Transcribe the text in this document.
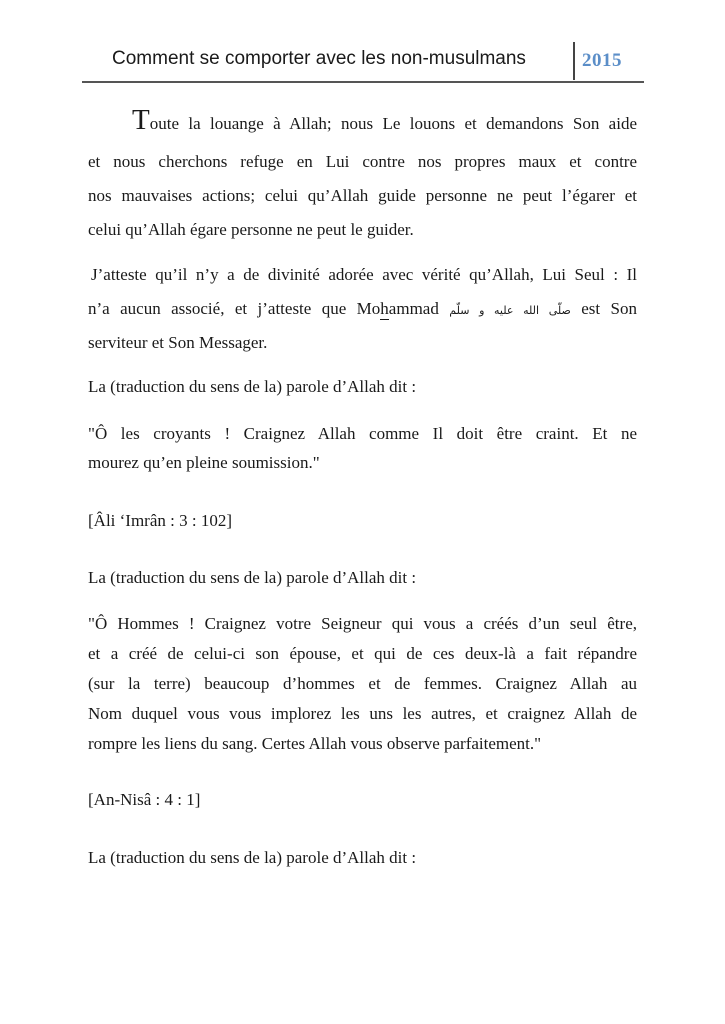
Comment se comporter avec les non-musulmans	2015
Toute la louange à Allah; nous Le louons et demandons Son aide
et nous cherchons refuge en Lui contre nos propres maux et contre
nos mauvaises actions; celui qu’Allah guide personne ne peut l’égarer et
celui qu’Allah égare personne ne peut le guider.
J’atteste qu’il n’y a de divinité adorée avec vérité qu’Allah, Lui Seul : Il
n’a aucun associé, et j’atteste que Moh
ammad صلّى الله عليه و سلّم est Son
serviteur et Son Messager.
La (traduction du sens de la) parole d’Allah dit :
"Ô les croyants ! Craignez Allah comme Il doit être craint. Et ne
mourez qu’en pleine soumission."
[Âli ‘Imrân : 3 : 102]
La (traduction du sens de la) parole d’Allah dit :
"Ô Hommes ! Craignez votre Seigneur qui vous a créés d’un seul être,
et a créé de celui-ci son épouse, et qui de ces deux-là a fait répandre
(sur la terre) beaucoup d’hommes et de femmes. Craignez Allah au
Nom duquel vous vous implorez les uns les autres, et craignez Allah de
rompre les liens du sang. Certes Allah vous observe parfaitement."
[An-Nisâ : 4 : 1]
La (traduction du sens de la) parole d’Allah dit :
